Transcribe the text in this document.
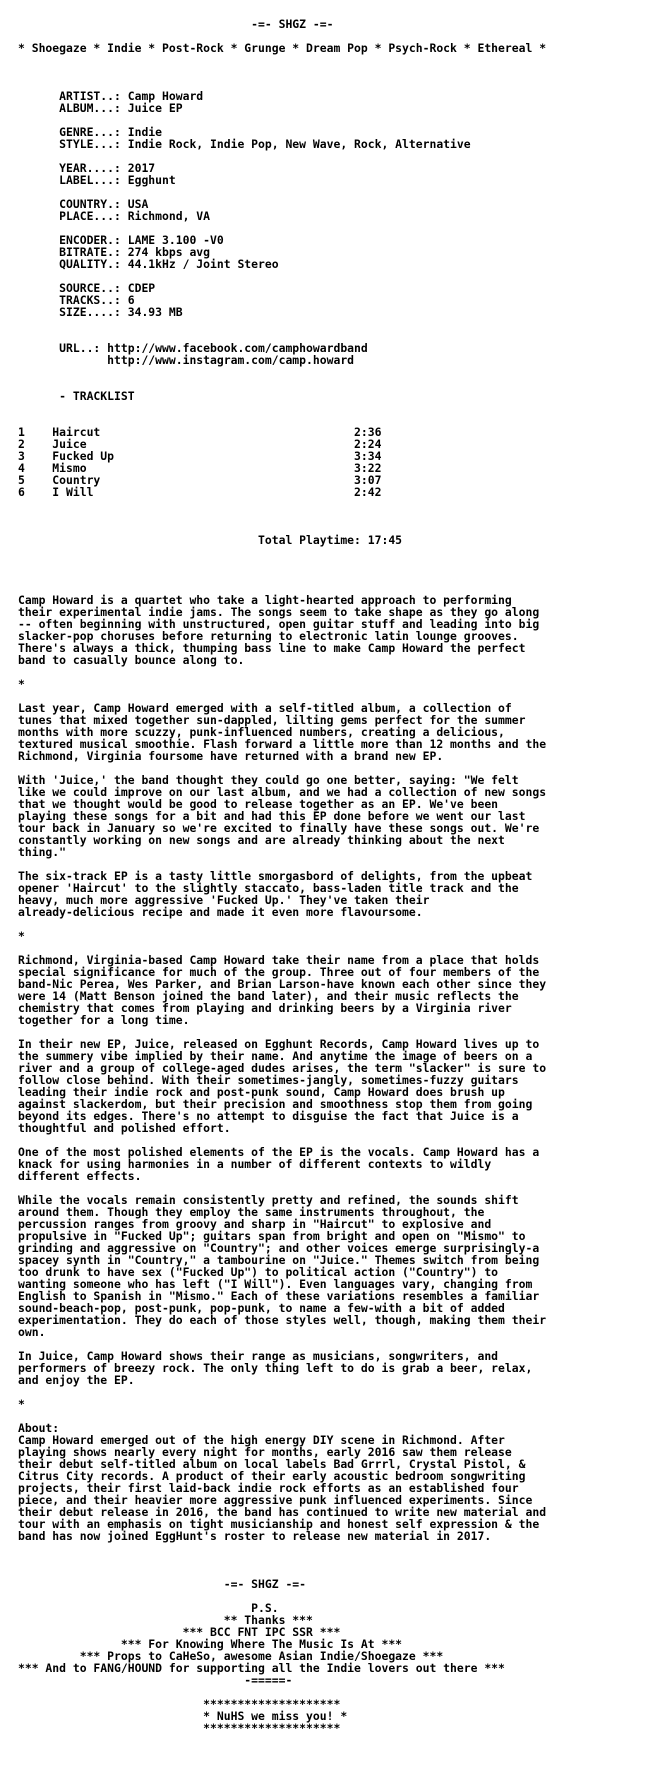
-=- SHGZ -=-

* Shoegaze * Indie * Post-Rock * Grunge * Dream Pop * Psych-Rock * Ethereal *

ARTIST..: Camp Howard
ALBUM...: Juice EP

GENRE...: Indie
STYLE...: Indie Rock, Indie Pop, New Wave, Rock, Alternative

YEAR....: 2017
LABEL...: Egghunt

COUNTRY.: USA
PLACE...: Richmond, VA

ENCODER.: LAME 3.100 -V0
BITRATE.: 274 kbps avg
QUALITY.: 44.1kHz / Joint Stereo

SOURCE..: CDEP
TRACKS..: 6
SIZE....: 34.93 MB

URL..: http://www.facebook.com/camphowardband
http://www.instagram.com/camp.howard

- TRACKLIST

1    Haircut                                     2:36
2    Juice                                       2:24
3    Fucked Up                                   3:34
4    Mismo                                       3:22
5    Country                                     3:07
6    I Will                                      2:42

Total Playtime: 17:45

Camp Howard is a quartet who take a light-hearted approach to performing
their experimental indie jams. The songs seem to take shape as they go along
-- often beginning with unstructured, open guitar stuff and leading into big
slacker-pop choruses before returning to electronic latin lounge grooves.
There's always a thick, thumping bass line to make Camp Howard the perfect
band to casually bounce along to.

*

Last year, Camp Howard emerged with a self-titled album, a collection of
tunes that mixed together sun-dappled, lilting gems perfect for the summer
months with more scuzzy, punk-influenced numbers, creating a delicious,
textured musical smoothie. Flash forward a little more than 12 months and the
Richmond, Virginia foursome have returned with a brand new EP.

With 'Juice,' the band thought they could go one better, saying: "We felt
like we could improve on our last album, and we had a collection of new songs
that we thought would be good to release together as an EP. We've been
playing these songs for a bit and had this EP done before we went our last
tour back in January so we're excited to finally have these songs out. We're
constantly working on new songs and are already thinking about the next
thing."

The six-track EP is a tasty little smorgasbord of delights, from the upbeat
opener 'Haircut' to the slightly staccato, bass-laden title track and the
heavy, much more aggressive 'Fucked Up.' They've taken their
already-delicious recipe and made it even more flavoursome.

*

Richmond, Virginia-based Camp Howard take their name from a place that holds
special significance for much of the group. Three out of four members of the
band-Nic Perea, Wes Parker, and Brian Larson-have known each other since they
were 14 (Matt Benson joined the band later), and their music reflects the
chemistry that comes from playing and drinking beers by a Virginia river
together for a long time.

In their new EP, Juice, released on Egghunt Records, Camp Howard lives up to
the summery vibe implied by their name. And anytime the image of beers on a
river and a group of college-aged dudes arises, the term "slacker" is sure to
follow close behind. With their sometimes-jangly, sometimes-fuzzy guitars
leading their indie rock and post-punk sound, Camp Howard does brush up
against slackerdom, but their precision and smoothness stop them from going
beyond its edges. There's no attempt to disguise the fact that Juice is a
thoughtful and polished effort.

One of the most polished elements of the EP is the vocals. Camp Howard has a
knack for using harmonies in a number of different contexts to wildly
different effects.

While the vocals remain consistently pretty and refined, the sounds shift
around them. Though they employ the same instruments throughout, the
percussion ranges from groovy and sharp in "Haircut" to explosive and
propulsive in "Fucked Up"; guitars span from bright and open on "Mismo" to
grinding and aggressive on "Country"; and other voices emerge surprisingly-a
spacey synth in "Country," a tambourine on "Juice." Themes switch from being
too drunk to have sex ("Fucked Up") to political action ("Country") to
wanting someone who has left ("I Will"). Even languages vary, changing from
English to Spanish in "Mismo." Each of these variations resembles a familiar
sound-beach-pop, post-punk, pop-punk, to name a few-with a bit of added
experimentation. They do each of those styles well, though, making them their
own.

In Juice, Camp Howard shows their range as musicians, songwriters, and
performers of breezy rock. The only thing left to do is grab a beer, relax,
and enjoy the EP.

*

About:
Camp Howard emerged out of the high energy DIY scene in Richmond. After
playing shows nearly every night for months, early 2016 saw them release
their debut self-titled album on local labels Bad Grrrl, Crystal Pistol, &
Citrus City records. A product of their early acoustic bedroom songwriting
projects, their first laid-back indie rock efforts as an established four
piece, and their heavier more aggressive punk influenced experiments. Since
their debut release in 2016, the band has continued to write new material and
tour with an emphasis on tight musicianship and honest self expression & the
band has now joined EggHunt's roster to release new material in 2017.

-=- SHGZ -=-

P.S.
** Thanks ***
*** BCC FNT IPC SSR ***
*** For Knowing Where The Music Is At ***
*** Props to CaHeSo, awesome Asian Indie/Shoegaze ***
*** And to FANG/HOUND for supporting all the Indie lovers out there ***
-=====-

********************
* NuHS we miss you! *
********************
